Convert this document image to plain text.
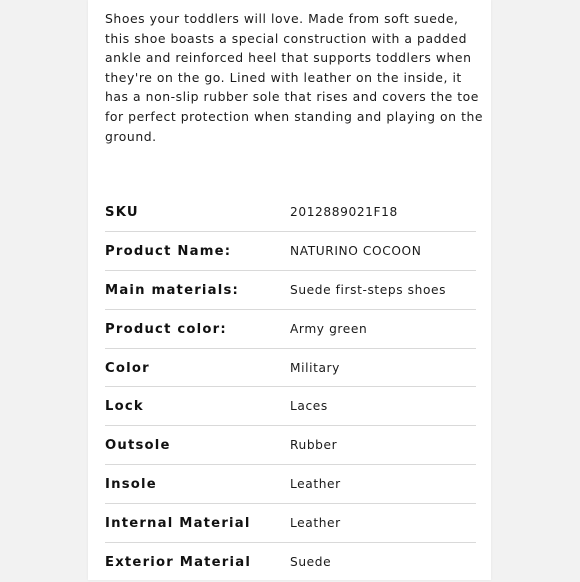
Shoes your toddlers will love. Made from soft suede, this shoe boasts a special construction with a padded ankle and reinforced heel that supports toddlers when they're on the go. Lined with leather on the inside, it has a non-slip rubber sole that rises and covers the toe for perfect protection when standing and playing on the ground.

SKU	2012889021F18
Product Name:	NATURINO COCOON
Main materials:	Suede first-steps shoes
Product color:	Army green
Color	Military
Lock	Laces
Outsole	Rubber
Insole	Leather
Internal Material	Leather
Exterior Material	Suede
